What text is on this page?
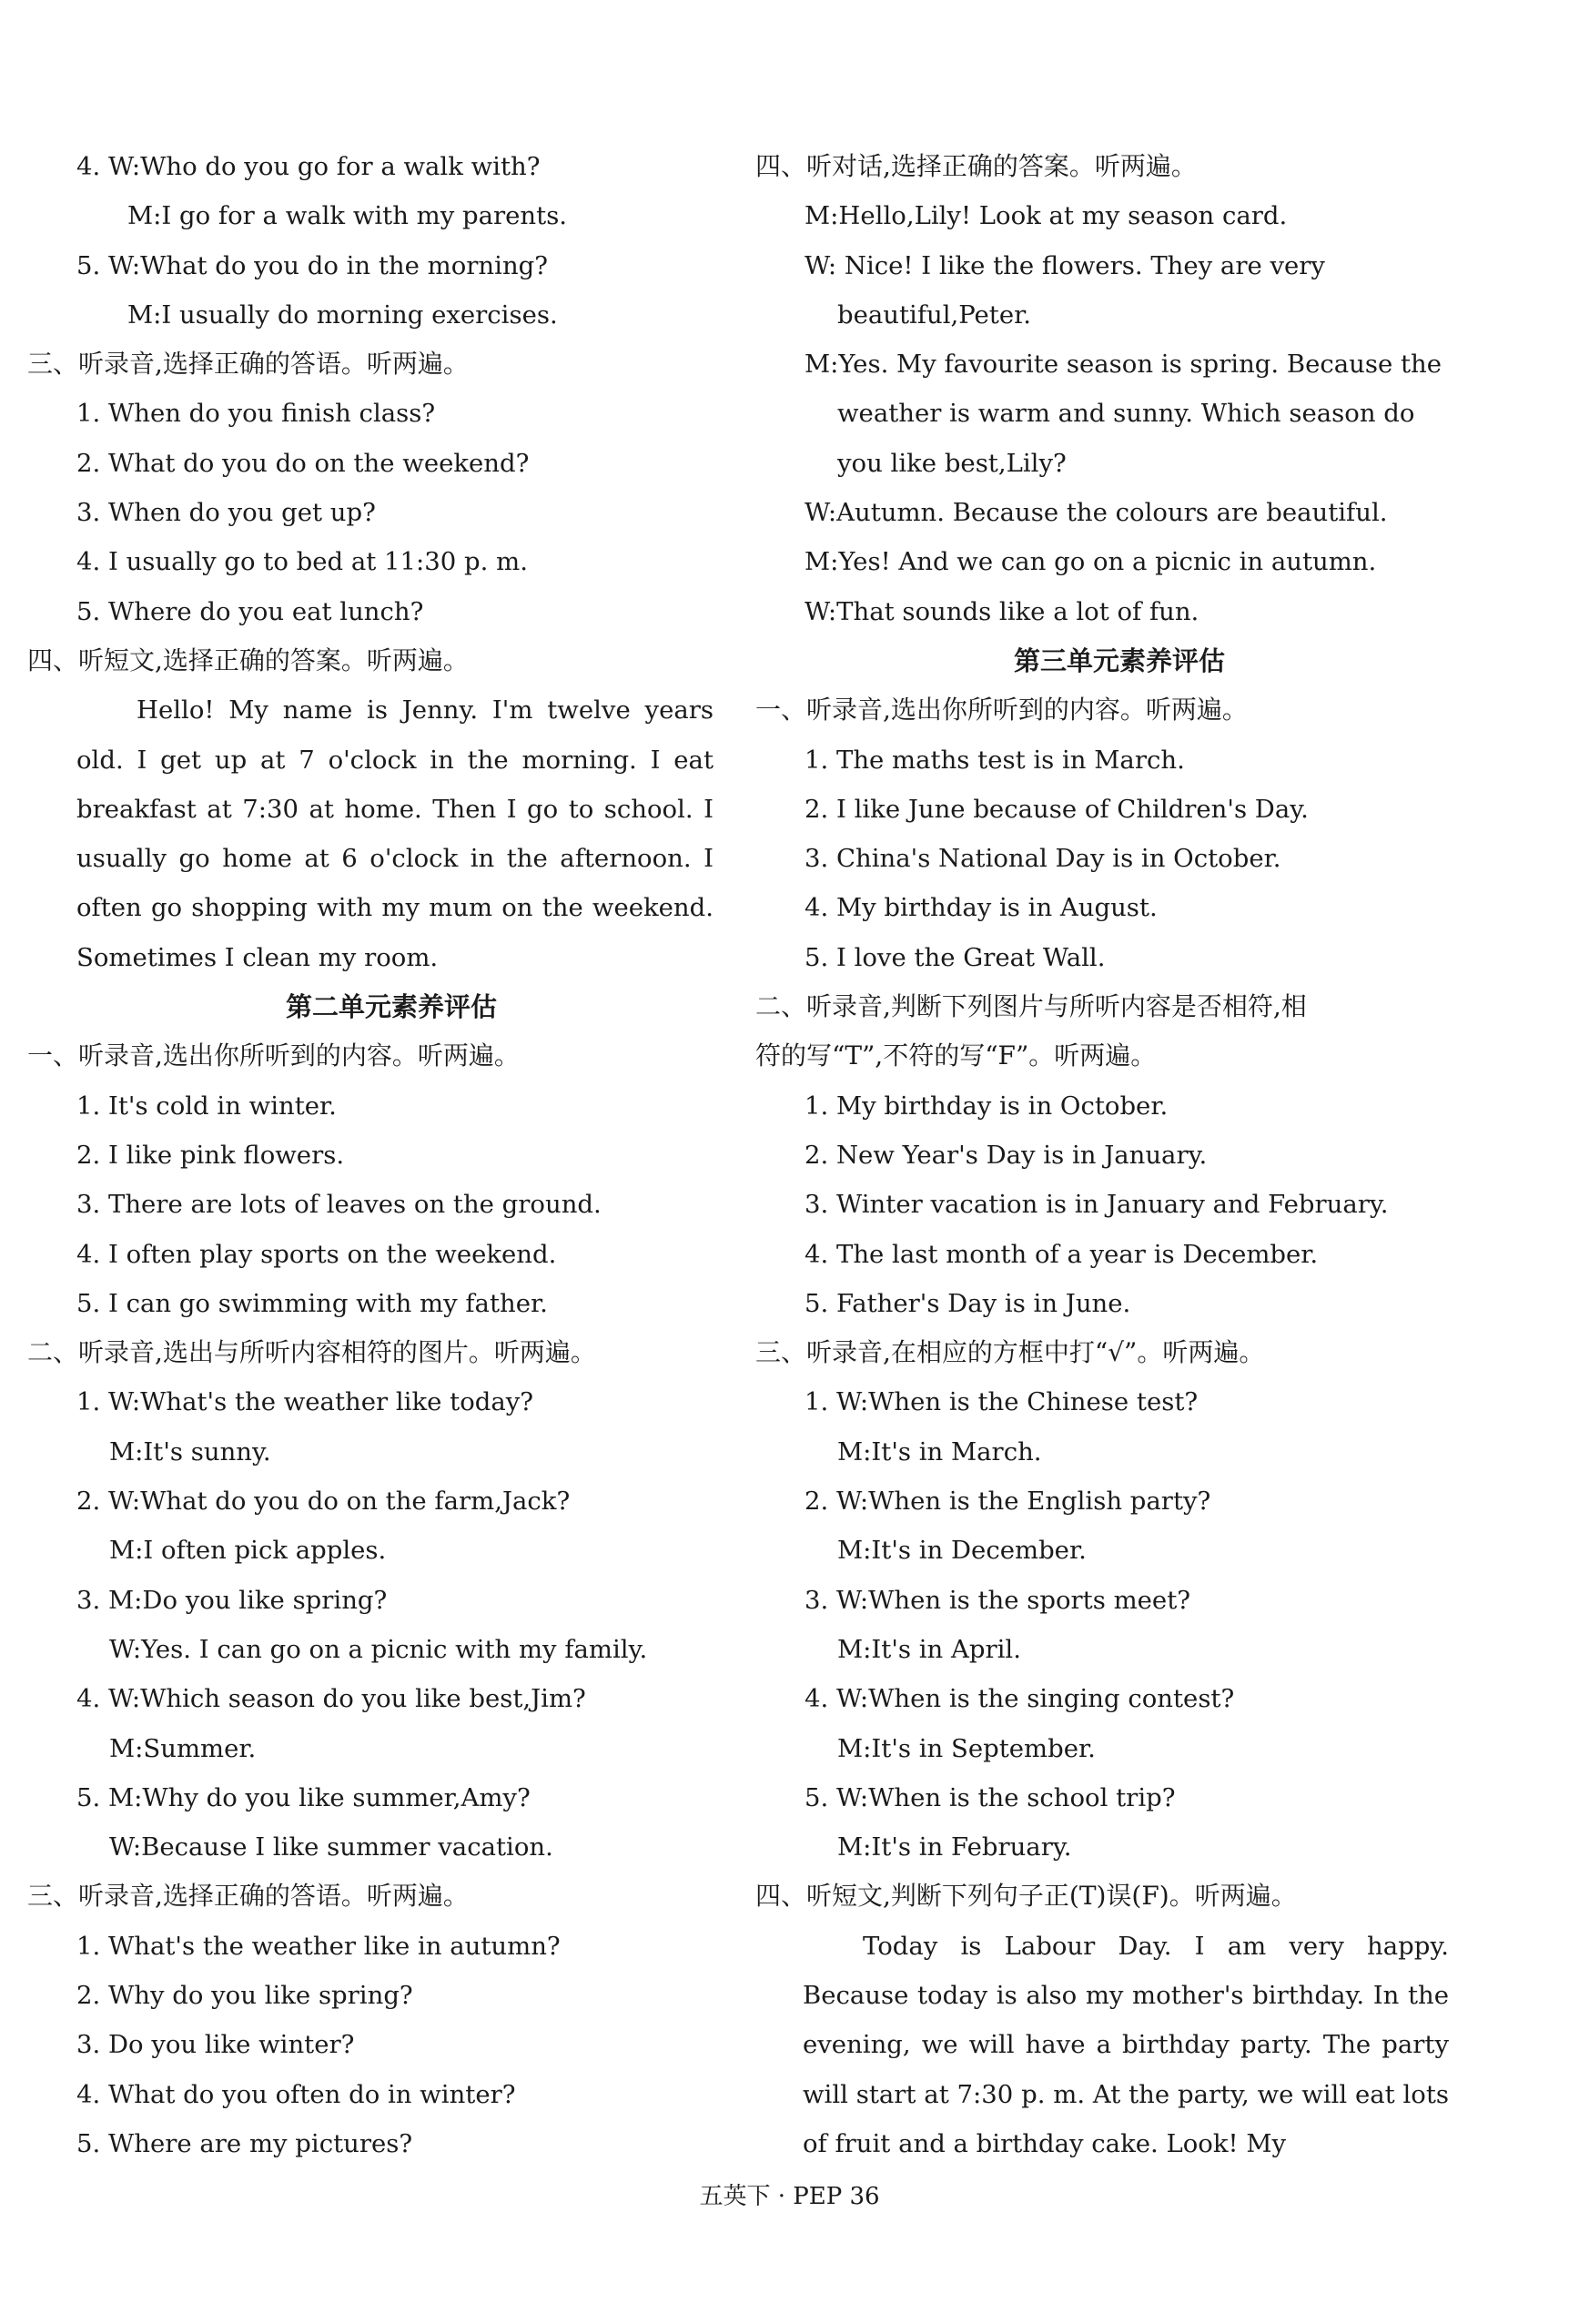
4. W:Who do you go for a walk with?
M:I go for a walk with my parents.
5. W:What do you do in the morning?
M:I usually do morning exercises.
三、听录音,选择正确的答语。听两遍。
1. When do you finish class?
2. What do you do on the weekend?
3. When do you get up?
4. I usually go to bed at 11:30 p. m.
5. Where do you eat lunch?
四、听短文,选择正确的答案。听两遍。
Hello! My name is Jenny. I'm twelve years old. I get up at 7 o'clock in the morning. I eat breakfast at 7:30 at home. Then I go to school. I usually go home at 6 o'clock in the afternoon. I often go shopping with my mum on the weekend. Sometimes I clean my room.
第二单元素养评估
一、听录音,选出你所听到的内容。听两遍。
1. It's cold in winter.
2. I like pink flowers.
3. There are lots of leaves on the ground.
4. I often play sports on the weekend.
5. I can go swimming with my father.
二、听录音,选出与所听内容相符的图片。听两遍。
1. W:What's the weather like today?
M:It's sunny.
2. W:What do you do on the farm,Jack?
M:I often pick apples.
3. M:Do you like spring?
W:Yes. I can go on a picnic with my family.
4. W:Which season do you like best,Jim?
M:Summer.
5. M:Why do you like summer,Amy?
W:Because I like summer vacation.
三、听录音,选择正确的答语。听两遍。
1. What's the weather like in autumn?
2. Why do you like spring?
3. Do you like winter?
4. What do you often do in winter?
5. Where are my pictures?
四、听对话,选择正确的答案。听两遍。
M:Hello,Lily! Look at my season card.
W: Nice! I like the flowers. They are very
beautiful,Peter.
M:Yes. My favourite season is spring. Because the
weather is warm and sunny. Which season do
you like best,Lily?
W:Autumn. Because the colours are beautiful.
M:Yes! And we can go on a picnic in autumn.
W:That sounds like a lot of fun.
第三单元素养评估
一、听录音,选出你所听到的内容。听两遍。
1. The maths test is in March.
2. I like June because of Children's Day.
3. China's National Day is in October.
4. My birthday is in August.
5. I love the Great Wall.
二、听录音,判断下列图片与所听内容是否相符,相
符的写“T”,不符的写“F”。听两遍。
1. My birthday is in October.
2. New Year's Day is in January.
3. Winter vacation is in January and February.
4. The last month of a year is December.
5. Father's Day is in June.
三、听录音,在相应的方框中打“√”。听两遍。
1. W:When is the Chinese test?
M:It's in March.
2. W:When is the English party?
M:It's in December.
3. W:When is the sports meet?
M:It's in April.
4. W:When is the singing contest?
M:It's in September.
5. W:When is the school trip?
M:It's in February.
四、听短文,判断下列句子正(T)误(F)。听两遍。
Today is Labour Day. I am very happy. Because today is also my mother's birthday. In the evening, we will have a birthday party. The party will start at 7:30 p. m. At the party, we will eat lots of fruit and a birthday cake. Look! My
五英下 · PEP 36
